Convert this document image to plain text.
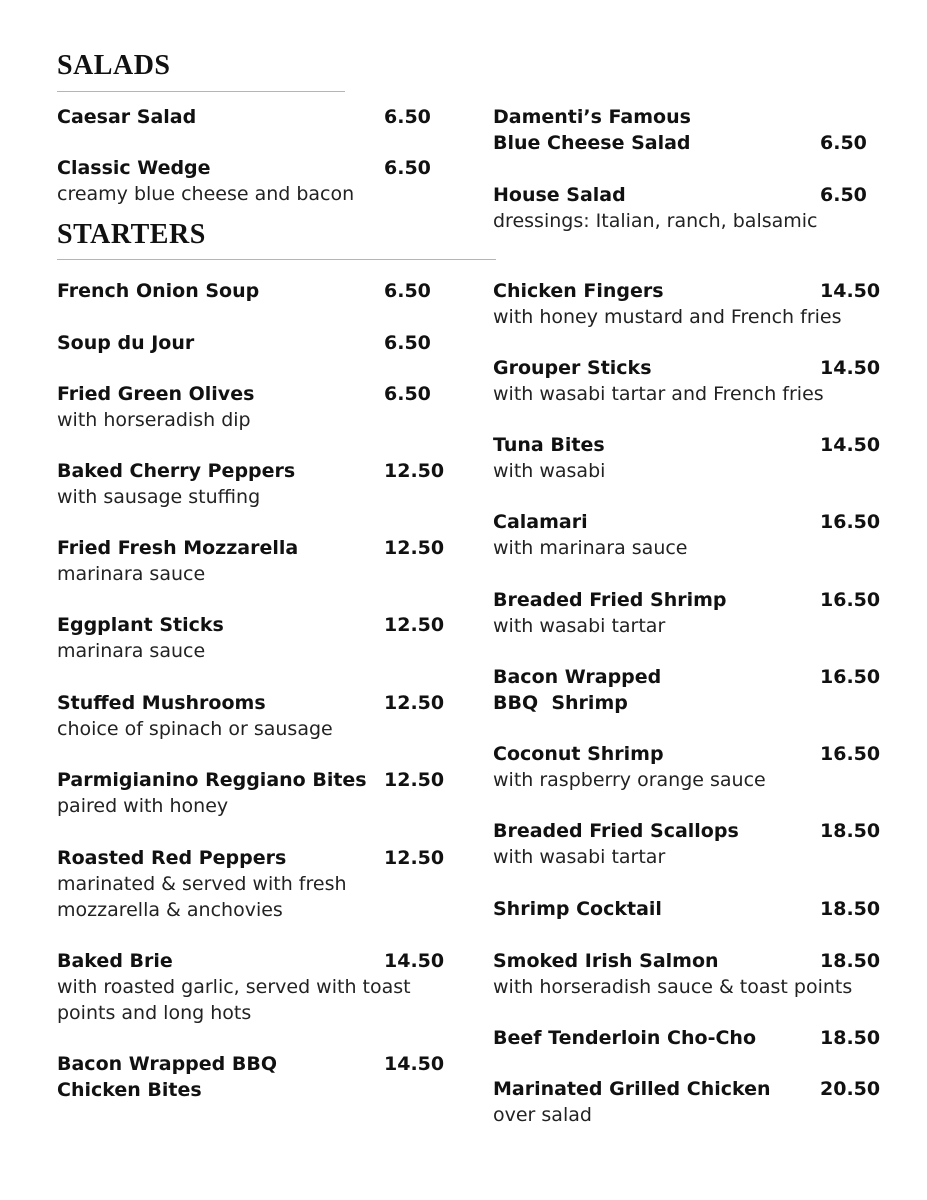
SALADS
Caesar Salad	6.50
Classic Wedge	6.50
creamy blue cheese and bacon
Damenti’s Famous
Blue Cheese Salad	6.50
House Salad	6.50
dressings: Italian, ranch, balsamic
STARTERS
French Onion Soup	6.50
Soup du Jour	6.50
Fried Green Olives	6.50
with horseradish dip
Baked Cherry Peppers	12.50
with sausage stuffing
Fried Fresh Mozzarella	12.50
marinara sauce
Eggplant Sticks	12.50
marinara sauce
Stuffed Mushrooms	12.50
choice of spinach or sausage
Parmigianino Reggiano Bites 12.50
paired with honey
Roasted Red Peppers	12.50
marinated & served with fresh
mozzarella & anchovies
Baked Brie	14.50
with roasted garlic, served with toast
points and long hots
Bacon Wrapped BBQ	14.50
Chicken Bites
Chicken Fingers	14.50
with honey mustard and French fries
Grouper Sticks	14.50
with wasabi tartar and French fries
Tuna Bites	14.50
with wasabi
Calamari	16.50
with marinara sauce
Breaded Fried Shrimp	16.50
with wasabi tartar
Bacon Wrapped	16.50
BBQ  Shrimp
Coconut Shrimp	16.50
with raspberry orange sauce
Breaded Fried Scallops	18.50
with wasabi tartar
Shrimp Cocktail	18.50
Smoked Irish Salmon	18.50
with horseradish sauce & toast points
Beef Tenderloin Cho-Cho	18.50
Marinated Grilled Chicken	20.50
over salad
